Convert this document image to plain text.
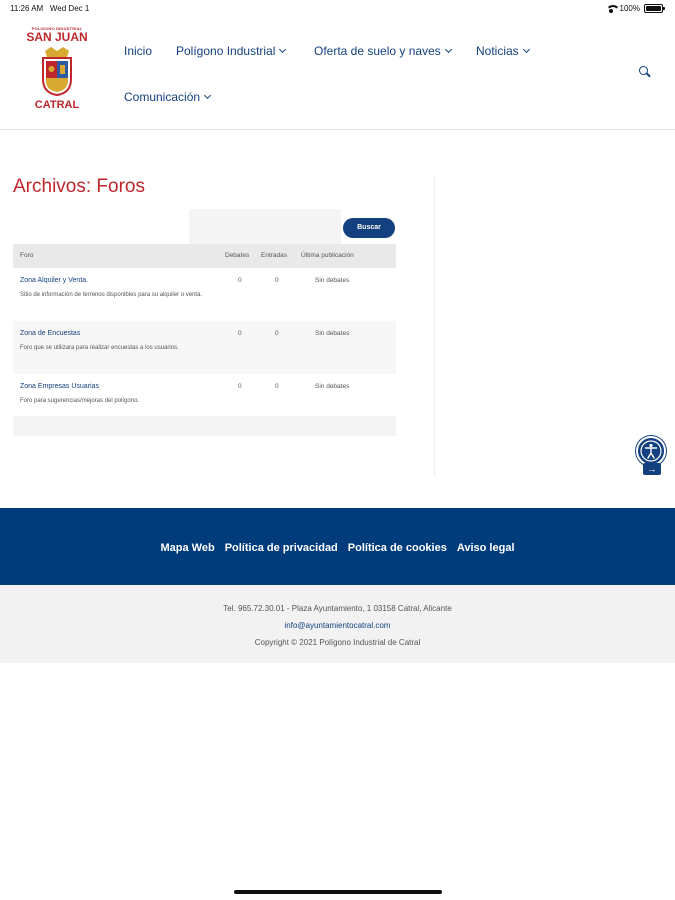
11:26 AM Wed Dec 1	100%
POLIGONO INDUSTRIAL
SAN JUAN
CATRAL
Inicio Polígono Industrial	Oferta de suelo y naves	Noticias
Comunicación
Archivos: Foros
Buscar
Foro	Debates Entradas Última publicación
Zona Alquiler y Venta.
Sitio de información de terrenos disponibles para su alquiler o venta.
0	0	Sin debates
Zona de Encuestas
Foro que se utilizara para realizar encuestas a los usuarios.
0	0	Sin debates
Zona Empresas Usuarias
Foro para sugerencias/mejoras del polígono.
0	0	Sin debates
→
Mapa Web Política de privacidad Política de cookies Aviso legal
Tel. 965.72.30.01 - Plaza Ayuntamiento, 1 03158 Catral, Alicante
info@ayuntamientocatral.com
Copyright © 2021 Polígono Industrial de Catral
